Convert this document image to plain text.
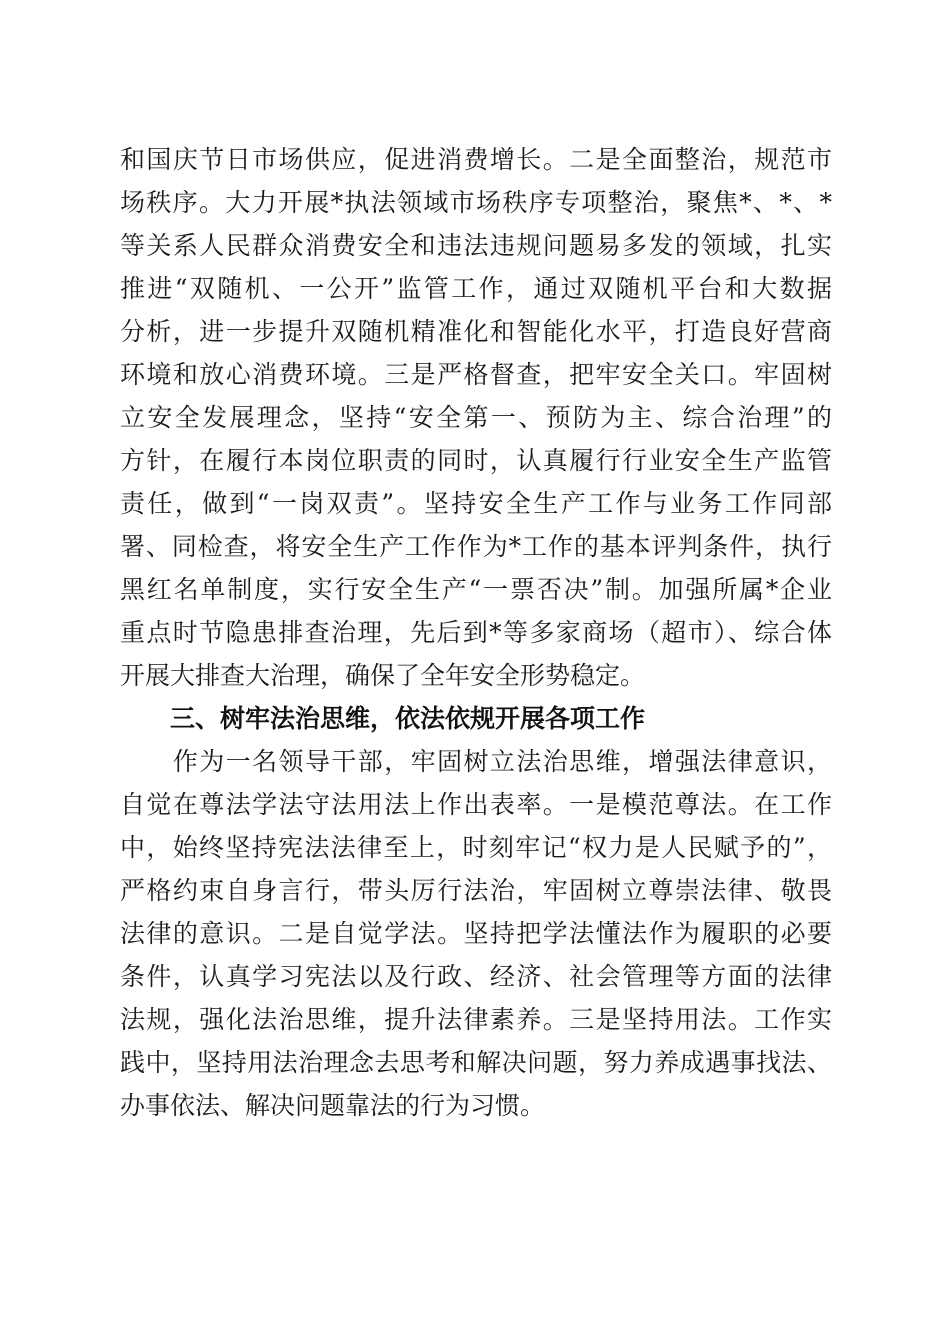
和国庆节日市场供应，促进消费增长。二是全面整治，规范市
场秩序。大力开展*执法领域市场秩序专项整治，聚焦*、*、*
等关系人民群众消费安全和违法违规问题易多发的领域，扎实
推进“双随机、一公开”监管工作，通过双随机平台和大数据
分析，进一步提升双随机精准化和智能化水平，打造良好营商
环境和放心消费环境。三是严格督查，把牢安全关口。牢固树
立安全发展理念，坚持“安全第一、预防为主、综合治理”的
方针，在履行本岗位职责的同时，认真履行行业安全生产监管
责任，做到“一岗双责”。坚持安全生产工作与业务工作同部
署、同检查，将安全生产工作作为*工作的基本评判条件，执行
黑红名单制度，实行安全生产“一票否决”制。加强所属*企业
重点时节隐患排查治理，先后到*等多家商场（超市）、综合体
开展大排查大治理，确保了全年安全形势稳定。
三、树牢法治思维，依法依规开展各项工作
　　作为一名领导干部，牢固树立法治思维，增强法律意识，
自觉在尊法学法守法用法上作出表率。一是模范尊法。在工作
中，始终坚持宪法法律至上，时刻牢记“权力是人民赋予的”，
严格约束自身言行，带头厉行法治，牢固树立尊崇法律、敬畏
法律的意识。二是自觉学法。坚持把学法懂法作为履职的必要
条件，认真学习宪法以及行政、经济、社会管理等方面的法律
法规，强化法治思维，提升法律素养。三是坚持用法。工作实
践中，坚持用法治理念去思考和解决问题，努力养成遇事找法、
办事依法、解决问题靠法的行为习惯。
